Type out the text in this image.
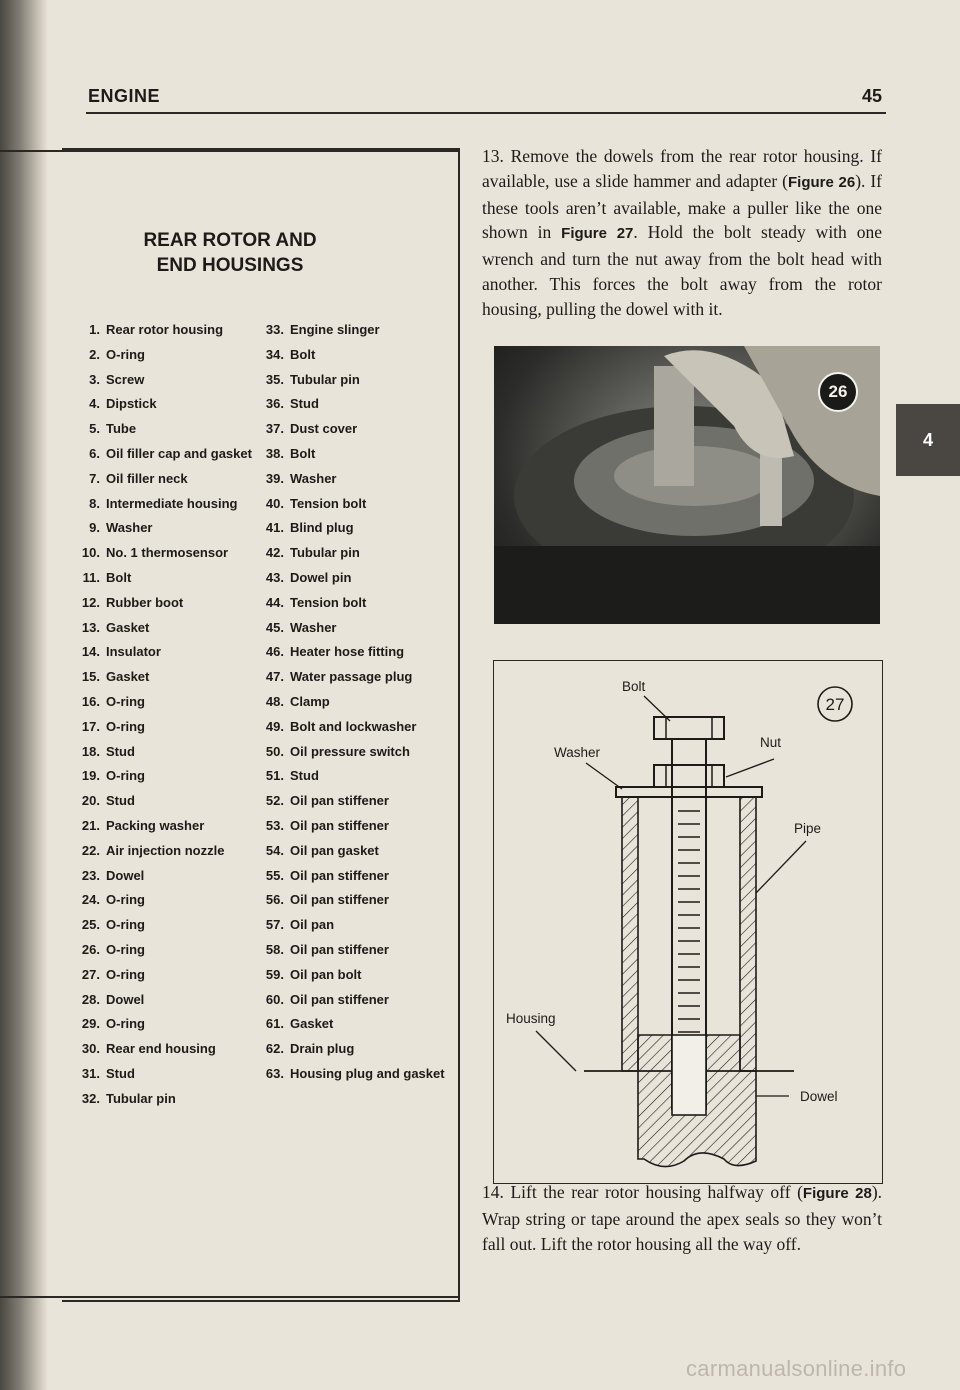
ENGINE	45
REAR ROTOR AND
END HOUSINGS
1. Rear rotor housing
2. O-ring
3. Screw
4. Dipstick
5. Tube
6. Oil filler cap and gasket
7. Oil filler neck
8. Intermediate housing
9. Washer
10. No. 1 thermosensor
11. Bolt
12. Rubber boot
13. Gasket
14. Insulator
15. Gasket
16. O-ring
17. O-ring
18. Stud
19. O-ring
20. Stud
21. Packing washer
22. Air injection nozzle
23. Dowel
24. O-ring
25. O-ring
26. O-ring
27. O-ring
28. Dowel
29. O-ring
30. Rear end housing
31. Stud
32. Tubular pin
33. Engine slinger
34. Bolt
35. Tubular pin
36. Stud
37. Dust cover
38. Bolt
39. Washer
40. Tension bolt
41. Blind plug
42. Tubular pin
43. Dowel pin
44. Tension bolt
45. Washer
46. Heater hose fitting
47. Water passage plug
48. Clamp
49. Bolt and lockwasher
50. Oil pressure switch
51. Stud
52. Oil pan stiffener
53. Oil pan stiffener
54. Oil pan gasket
55. Oil pan stiffener
56. Oil pan stiffener
57. Oil pan
58. Oil pan stiffener
59. Oil pan bolt
60. Oil pan stiffener
61. Gasket
62. Drain plug
63. Housing plug and gasket
13. Remove the dowels from the rear rotor housing. If available, use a slide hammer and adapter (Figure 26). If these tools aren’t available, make a puller like the one shown in Figure 27. Hold the bolt steady with one wrench and turn the nut away from the bolt head with another. This forces the bolt away from the rotor housing, pulling the dowel with it.
26
4
27
Bolt
Washer
Nut
Pipe
Housing
Dowel
14. Lift the rear rotor housing halfway off (Figure 28). Wrap string or tape around the apex seals so they won’t fall out. Lift the rotor housing all the way off.
carmanualsonline.info
